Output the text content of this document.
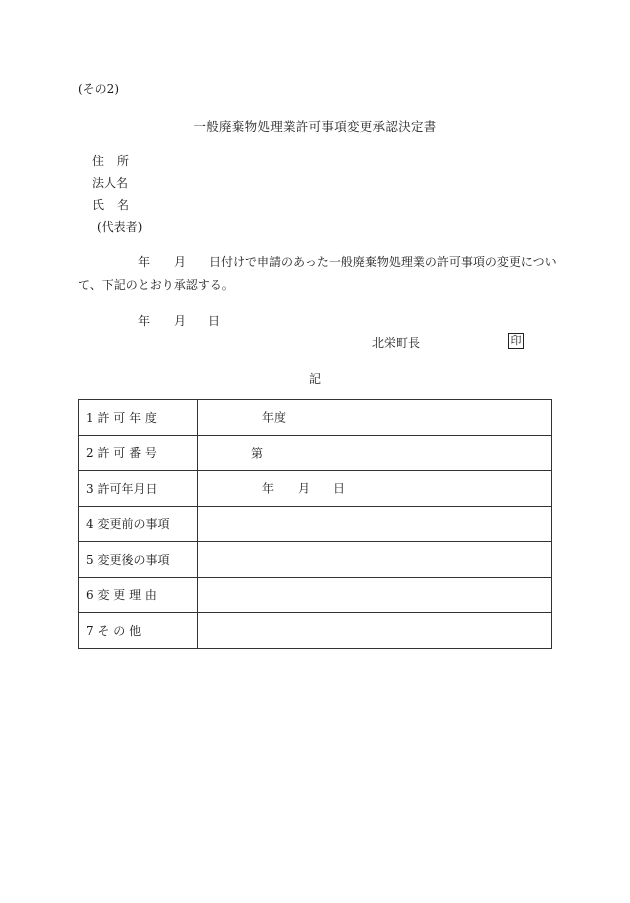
(その2)
一般廃棄物処理業許可事項変更承認決定書
住所
法人名
氏名
(代表者)
年 月 日付けで申請のあった一般廃棄物処理業の許可事項の変更につい
て、下記のとおり承認する。
年 月 日
北栄町長	印
記
1 許 可 年 度	年度

2 許 可 番 号	第

3 許可年月日	年 月 日

4 変更前の事項	
5 変更後の事項	
6 変 更 理 由	
7 そ の 他	
